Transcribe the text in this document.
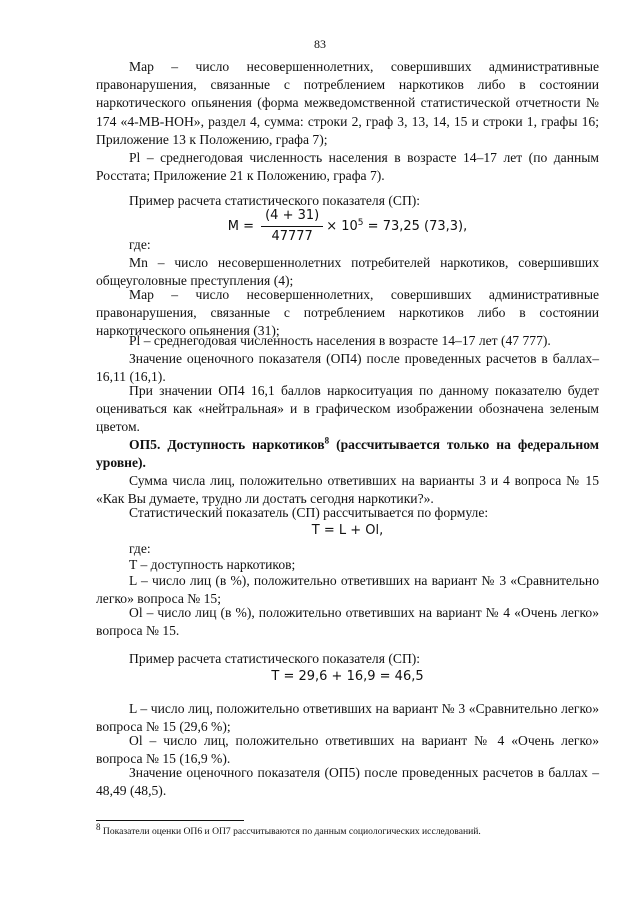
83

Мар – число несовершеннолетних, совершивших административные правонарушения, связанные с потреблением наркотиков либо в состоянии наркотического опьянения (форма межведомственной статистической отчетности № 174 «4-МВ-НОН», раздел 4, сумма: строки 2, граф 3, 13, 14, 15 и строки 1, графы 16; Приложение 13 к Положению, графа 7);

Pl – среднегодовая численность населения в возрасте 14–17 лет (по данным Росстата; Приложение 21 к Положению, графа 7).

Пример расчета статистического показателя (СП):

$M = \frac{(4 + 31)}{47777} \times 10^5 = 73,25$ (73,3),

где:

Mn – число несовершеннолетних потребителей наркотиков, совершивших общеуголовные преступления (4);

Мар – число несовершеннолетних, совершивших административные правонарушения, связанные с потреблением наркотиков либо в состоянии наркотического опьянения (31);

Pl – среднегодовая численность населения в возрасте 14–17 лет (47 777).

Значение оценочного показателя (ОП4) после проведенных расчетов в баллах– 16,11 (16,1).

При значении ОП4 16,1 баллов наркоситуация по данному показателю будет оцениваться как «нейтральная» и в графическом изображении обозначена зеленым цветом.

ОП5. Доступность наркотиков$^8$ (рассчитывается только на федеральном уровне).

Сумма числа лиц, положительно ответивших на варианты 3 и 4 вопроса № 15 «Как Вы думаете, трудно ли достать сегодня наркотики?».

Статистический показатель (СП) рассчитывается по формуле:

T = L + Ol,

где:

T – доступность наркотиков;

L – число лиц (в %), положительно ответивших на вариант № 3 «Сравнительно легко» вопроса № 15;

Ol – число лиц (в %), положительно ответивших на вариант № 4 «Очень легко» вопроса № 15.

Пример расчета статистического показателя (СП):

T = 29,6 + 16,9 = 46,5

L – число лиц, положительно ответивших на вариант № 3 «Сравнительно легко» вопроса № 15 (29,6 %);

Ol – число лиц, положительно ответивших на вариант № 4 «Очень легко» вопроса № 15 (16,9 %).

Значение оценочного показателя (ОП5) после проведенных расчетов в баллах – 48,49 (48,5).

$^8$ Показатели оценки ОП6 и ОП7 рассчитываются по данным социологических исследований.
